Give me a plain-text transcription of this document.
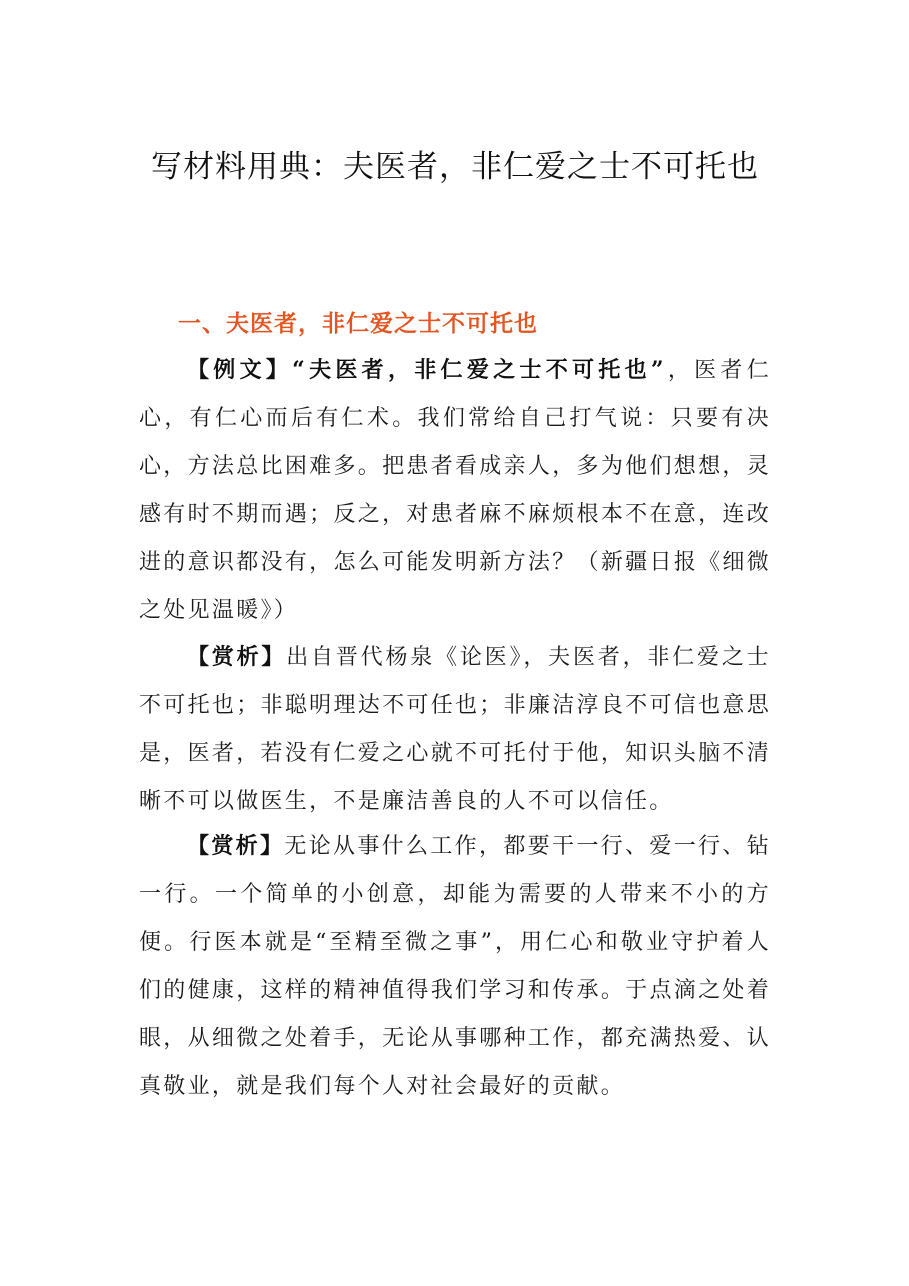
写材料用典：夫医者，非仁爱之士不可托也
一、夫医者，非仁爱之士不可托也

【例文】“夫医者，非仁爱之士不可托也”，医者仁心，有仁心而后有仁术。我们常给自己打气说：只要有决心，方法总比困难多。把患者看成亲人，多为他们想想，灵感有时不期而遇；反之，对患者麻不麻烦根本不在意，连改进的意识都没有，怎么可能发明新方法？（新疆日报《细微之处见温暖》）

【赏析】出自晋代杨泉《论医》，夫医者，非仁爱之士不可托也；非聪明理达不可任也；非廉洁淳良不可信也意思是，医者，若没有仁爱之心就不可托付于他，知识头脑不清晰不可以做医生，不是廉洁善良的人不可以信任。

【赏析】无论从事什么工作，都要干一行、爱一行、钻一行。一个简单的小创意，却能为需要的人带来不小的方便。行医本就是“至精至微之事”，用仁心和敬业守护着人们的健康，这样的精神值得我们学习和传承。于点滴之处着眼，从细微之处着手，无论从事哪种工作，都充满热爱、认真敬业，就是我们每个人对社会最好的贡献。
